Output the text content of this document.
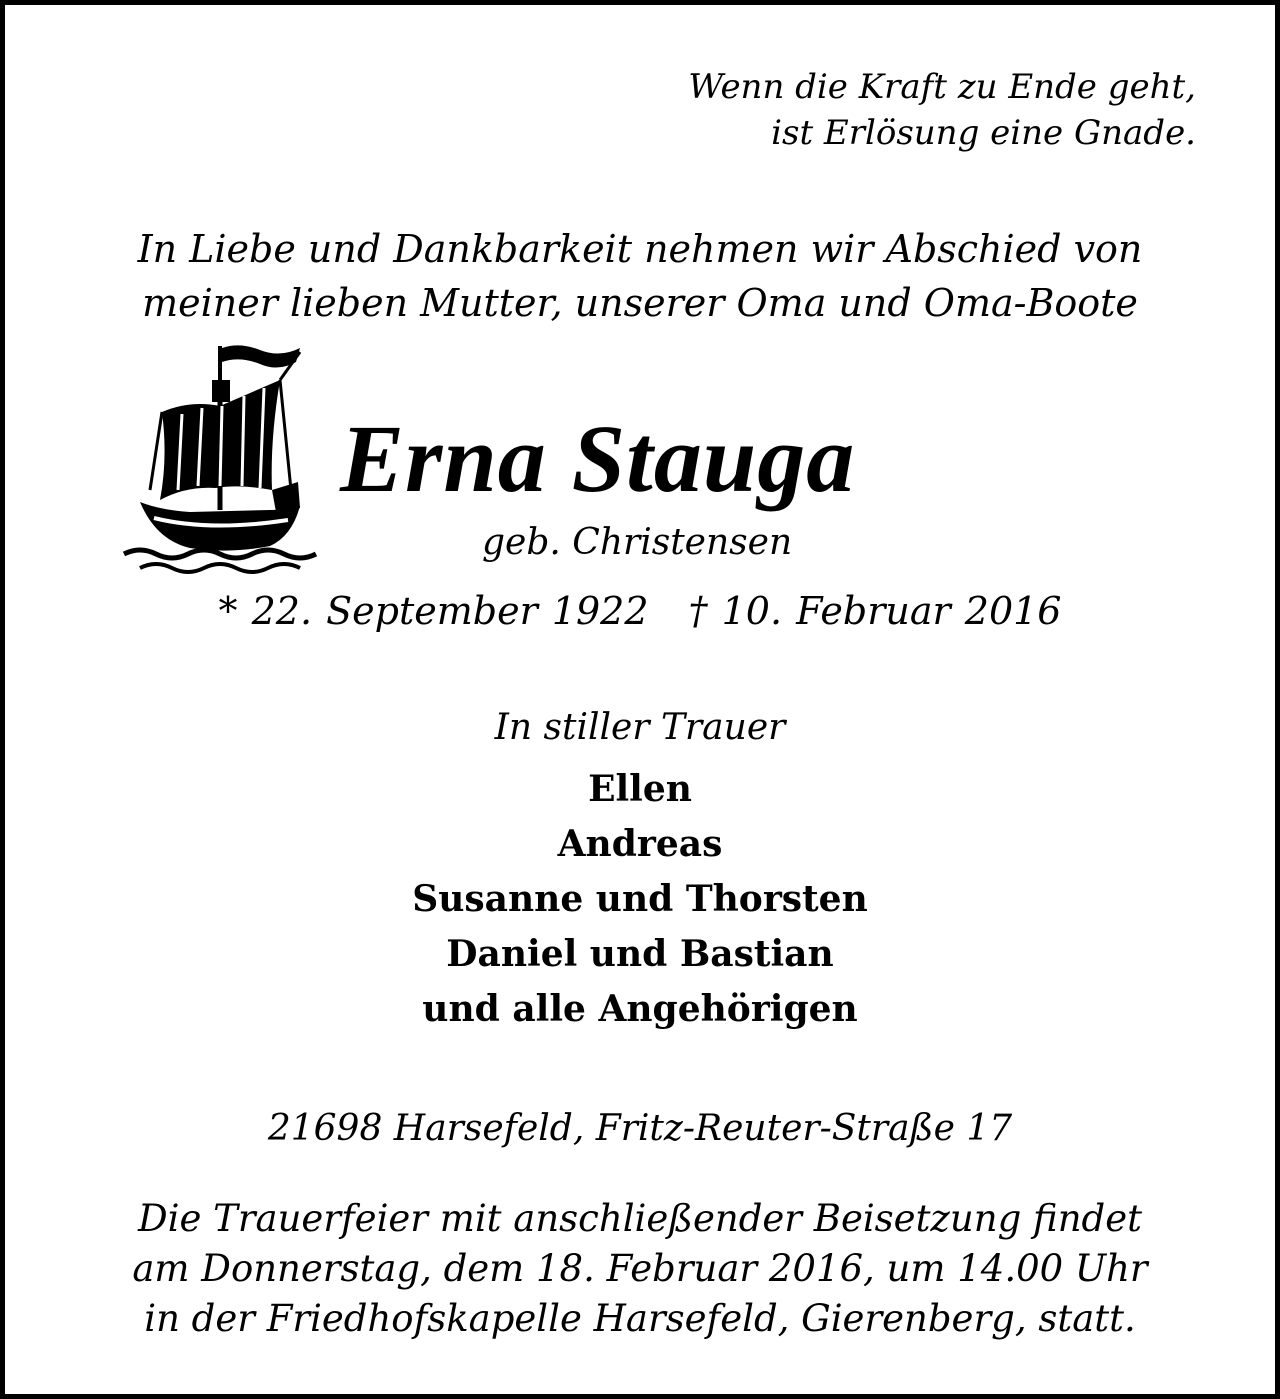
Wenn die Kraft zu Ende geht,
ist Erlösung eine Gnade.
In Liebe und Dankbarkeit nehmen wir Abschied von
meiner lieben Mutter, unserer Oma und Oma-Boote
Erna Stauga
geb. Christensen
* 22. September 1922 † 10. Februar 2016
In stiller Trauer
Ellen
Andreas
Susanne und Thorsten
Daniel und Bastian
und alle Angehörigen
21698 Harsefeld, Fritz-Reuter-Straße 17
Die Trauerfeier mit anschließender Beisetzung findet
am Donnerstag, dem 18. Februar 2016, um 14.00 Uhr
in der Friedhofskapelle Harsefeld, Gierenberg, statt.
